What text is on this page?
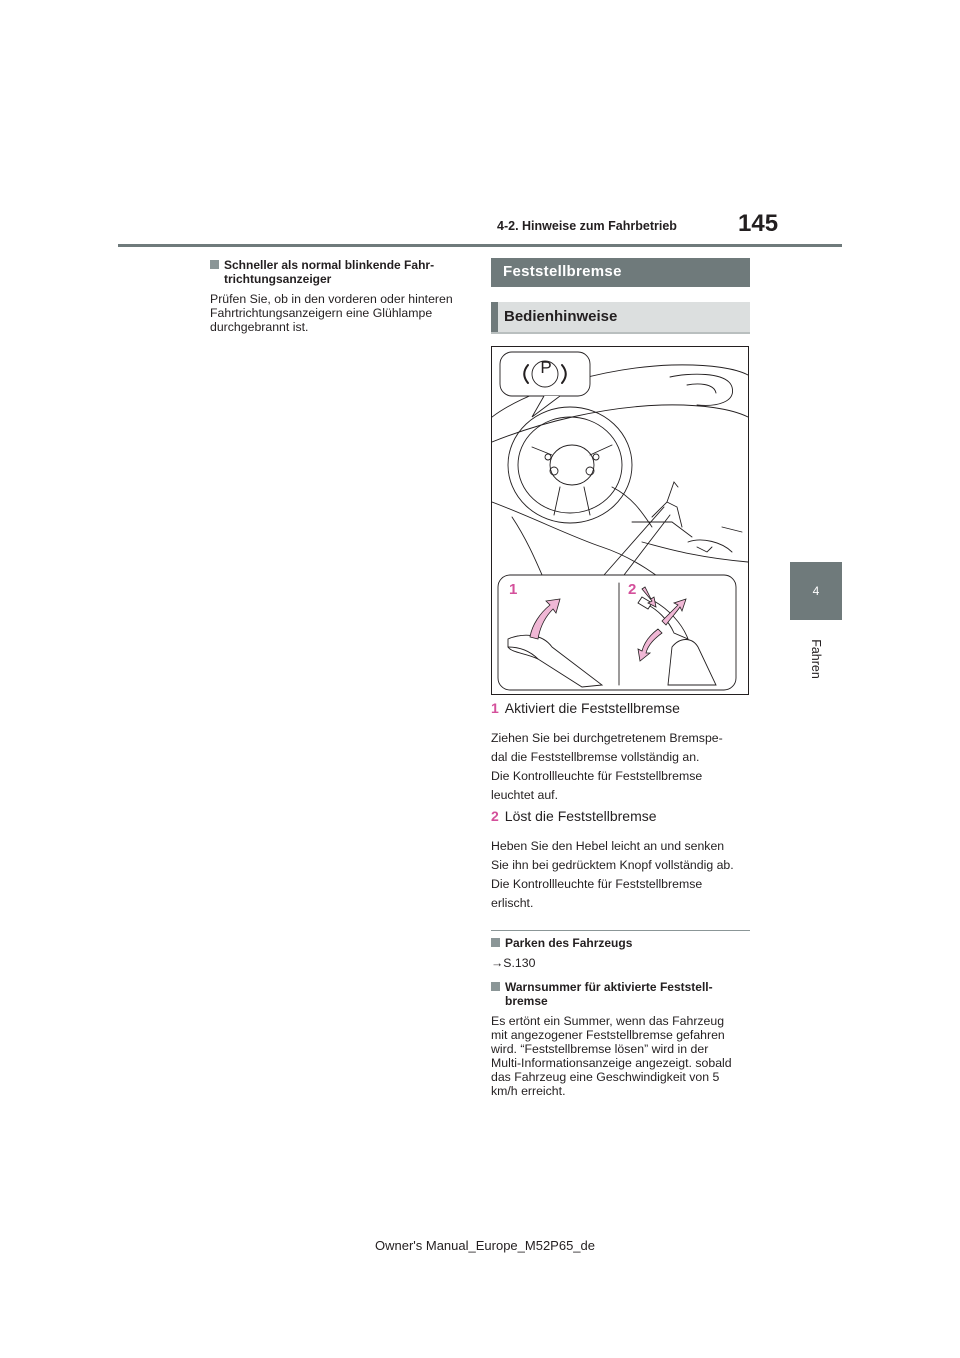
4-2. Hinweise zum Fahrbetrieb	145
4
Fahren
Schneller als normal blinkende Fahr-
trichtungsanzeiger
Prüfen Sie, ob in den vorderen oder hinteren
Fahrtrichtungsanzeigern eine Glühlampe
durchgebrannt ist.
Feststellbremse
Bedienhinweise
P
1	2
1 Aktiviert die Feststellbremse
Ziehen Sie bei durchgetretenem Bremspe-
dal die Feststellbremse vollständig an.
Die Kontrollleuchte für Feststellbremse
leuchtet auf.
2 Löst die Feststellbremse
Heben Sie den Hebel leicht an und senken
Sie ihn bei gedrücktem Knopf vollständig ab.
Die Kontrollleuchte für Feststellbremse
erlischt.
Parken des Fahrzeugs
→S.130
Warnsummer für aktivierte Feststell-
bremse
Es ertönt ein Summer, wenn das Fahrzeug
mit angezogener Feststellbremse gefahren
wird. “Feststellbremse lösen” wird in der
Multi-Informationsanzeige angezeigt. sobald
das Fahrzeug eine Geschwindigkeit von 5
km/h erreicht.
Owner's Manual_Europe_M52P65_de
